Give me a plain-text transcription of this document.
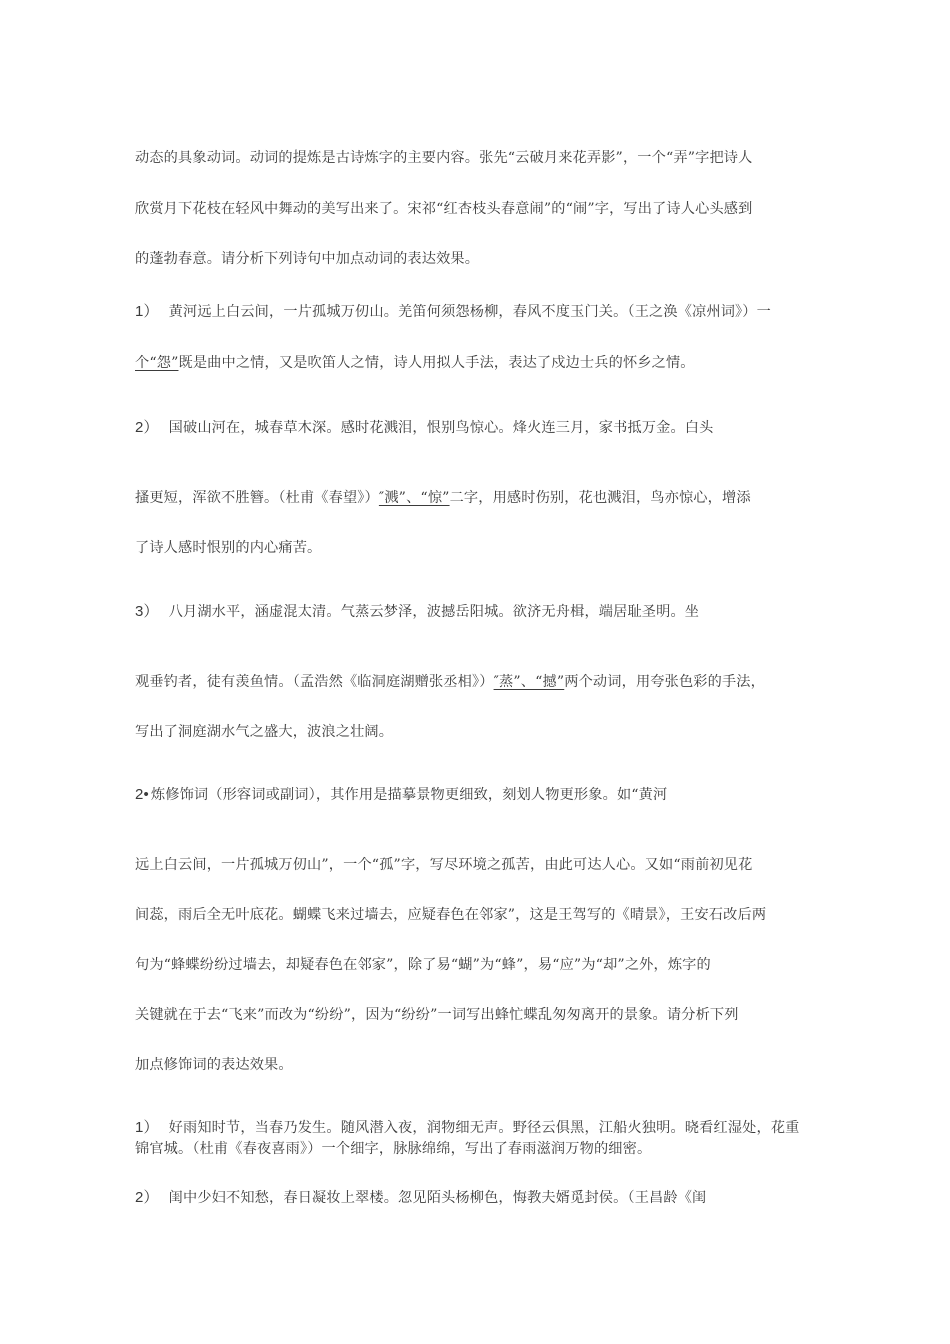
动态的具象动词。动词的提炼是古诗炼字的主要内容。张先“云破月来花弄影”，一个“弄”字把诗人
欣赏月下花枝在轻风中舞动的美写出来了。宋祁“红杏枝头春意闹”的“闹”字，写出了诗人心头感到
的蓬勃春意。请分析下列诗句中加点动词的表达效果。
1） 黄河远上白云间，一片孤城万仞山。羌笛何须怨杨柳，春风不度玉门关。（王之涣《凉州词》）一
个“怨”既是曲中之情，又是吹笛人之情，诗人用拟人手法，表达了戍边士兵的怀乡之情。
2） 国破山河在，城春草木深。感时花溅泪，恨别鸟惊心。烽火连三月，家书抵万金。白头
搔更短，浑欲不胜簪。（杜甫《春望》）″溅”、“惊”二字，用感时伤别，花也溅泪，鸟亦惊心，增添
了诗人感时恨别的内心痛苦。
3） 八月湖水平，涵虚混太清。气蒸云梦泽，波撼岳阳城。欲济无舟楫，端居耻圣明。坐
观垂钓者，徒有羡鱼情。（孟浩然《临洞庭湖赠张丞相》）″蒸”、“撼”两个动词，用夸张色彩的手法，
写出了洞庭湖水气之盛大，波浪之壮阔。
2• 炼修饰词（形容词或副词），其作用是描摹景物更细致，刻划人物更形象。如“黄河
远上白云间，一片孤城万仞山”，一个“孤”字，写尽环境之孤苦，由此可达人心。又如“雨前初见花
间蕊，雨后全无叶底花。蝴蝶飞来过墙去，应疑春色在邻家”，这是王驾写的《晴景》，王安石改后两
句为“蜂蝶纷纷过墙去，却疑春色在邻家”，除了易“蝴”为“蜂”，易“应”为“却”之外，炼字的
关键就在于去“飞来”而改为“纷纷”，因为“纷纷”一词写出蜂忙蝶乱匆匆离开的景象。请分析下列
加点修饰词的表达效果。
1） 好雨知时节，当春乃发生。随风潜入夜，润物细无声。野径云俱黑，江船火独明。晓看红湿处，花重
锦官城。（杜甫《春夜喜雨》）一个细字，脉脉绵绵，写出了春雨滋润万物的细密。
2） 闺中少妇不知愁，春日凝妆上翠楼。忽见陌头杨柳色，悔教夫婿觅封侯。（王昌龄《闺
